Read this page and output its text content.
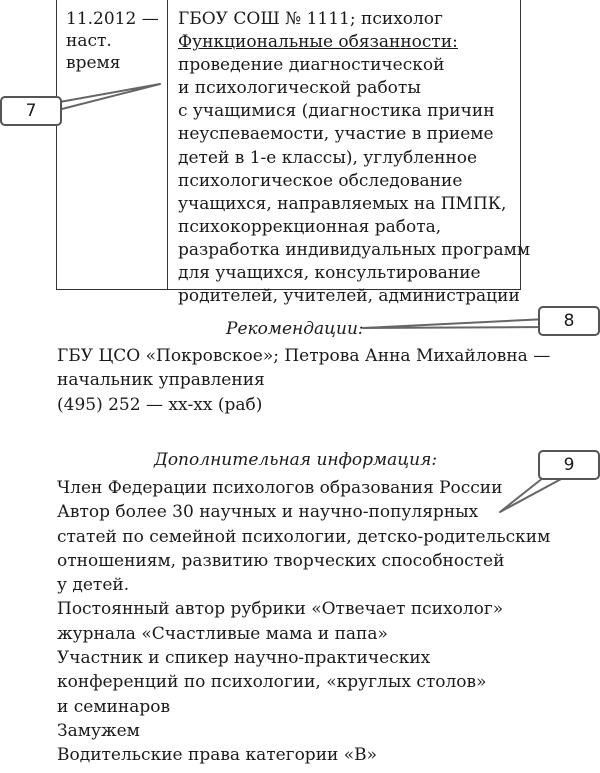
11.2012 —
наст.
время
ГБОУ СОШ № 1111; психолог
Функциональные обязанности:
проведение диагностической
и психологической работы
с учащимися (диагностика причин
неуспеваемости, участие в приеме
детей в 1-е классы), углубленное
психологическое обследование
учащихся, направляемых на ПМПК,
психокоррекционная работа,
разработка индивидуальных программ
для учащихся, консультирование
родителей, учителей, администрации
Рекомендации:
ГБУ ЦСО «Покровское»; Петрова Анна Михайловна —
начальник управления
(495) 252 — хх-хх (раб)
Дополнительная информация:
Член Федерации психологов образования России
Автор более 30 научных и научно-популярных
статей по семейной психологии, детско-родительским
отношениям, развитию творческих способностей
у детей.
Постоянный автор рубрики «Отвечает психолог»
журнала «Счастливые мама и папа»
Участник и спикер научно-практических
конференций по психологии, «круглых столов»
и семинаров
Замужем
Водительские права категории «В»
7
8
9
